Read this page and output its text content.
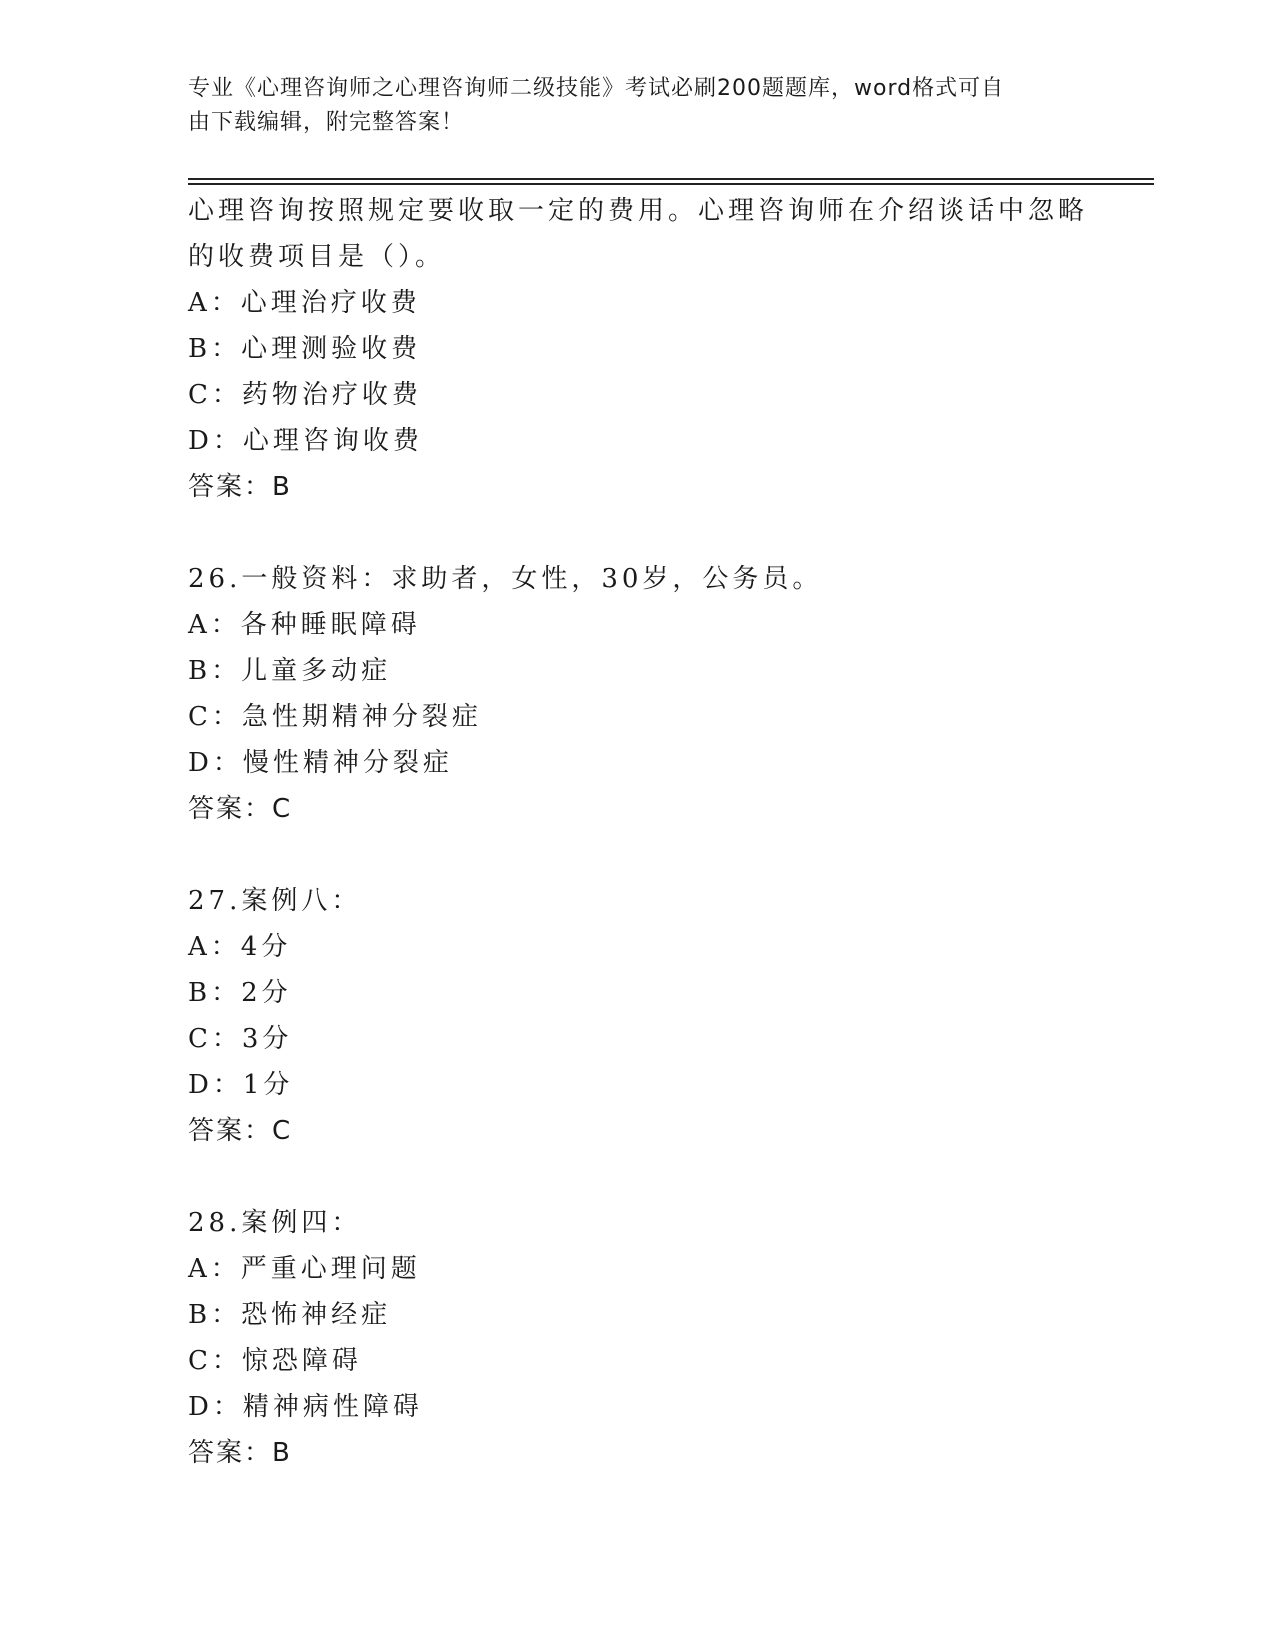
专业《心理咨询师之心理咨询师二级技能》考试必刷200题题库，word格式可自
由下载编辑，附完整答案！
心理咨询按照规定要收取一定的费用。心理咨询师在介绍谈话中忽略
的收费项目是（）。
A：心理治疗收费
B：心理测验收费
C：药物治疗收费
D：心理咨询收费
答案：B
26.一般资料：求助者，女性，30岁，公务员。
A：各种睡眠障碍
B：儿童多动症
C：急性期精神分裂症
D：慢性精神分裂症
答案：C
27.案例八：
A：4分
B：2分
C：3分
D：1分
答案：C
28.案例四：
A：严重心理问题
B：恐怖神经症
C：惊恐障碍
D：精神病性障碍
答案：B
